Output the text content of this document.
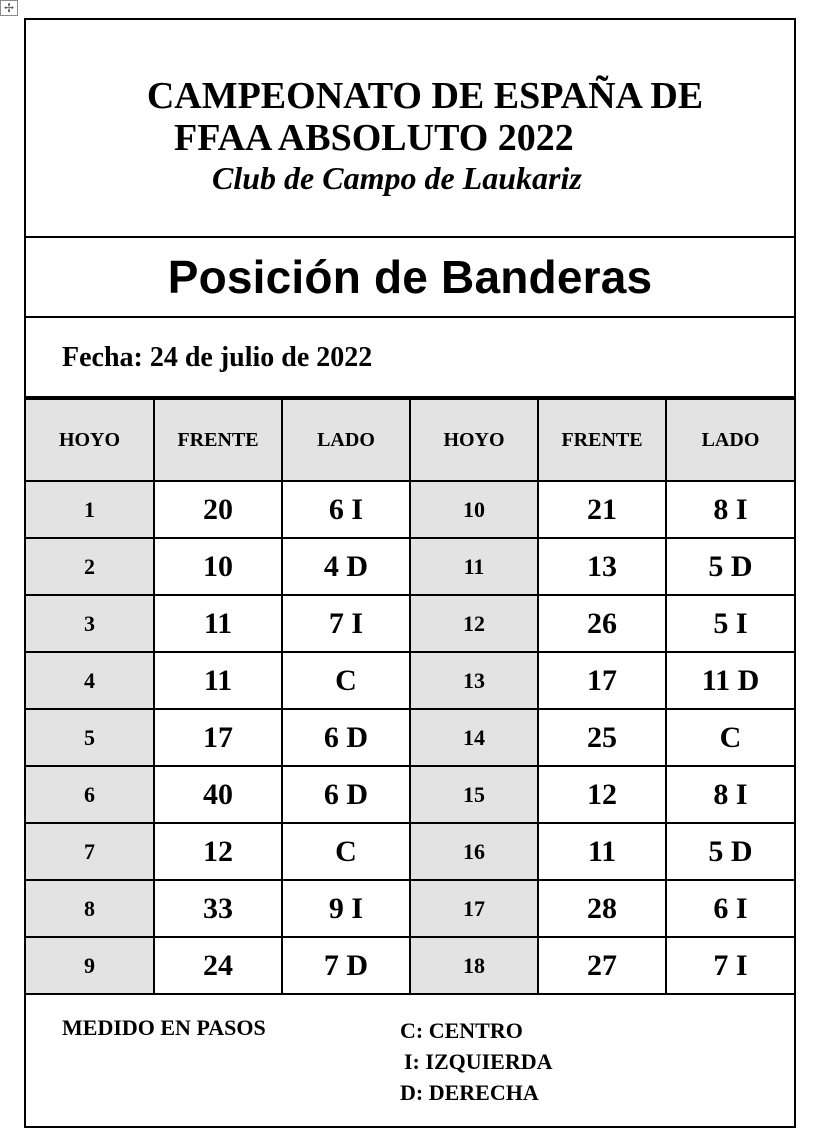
✢
CAMPEONATO DE ESPAÑA DE
FFAA ABSOLUTO 2022
Club de Campo de Laukariz
Posición de Banderas
Fecha: 24 de julio de 2022
HOYO	FRENTE	LADO	HOYO	FRENTE	LADO
1	20	6 I	10	21	8 I
2	10	4 D	11	13	5 D
3	11	7 I	12	26	5 I
4	11	C	13	17	11 D
5	17	6 D	14	25	C
6	40	6 D	15	12	8 I
7	12	C	16	11	5 D
8	33	9 I	17	28	6 I
9	24	7 D	18	27	7 I
MEDIDO EN PASOS	C: CENTRO
I: IZQUIERDA
D: DERECHA
